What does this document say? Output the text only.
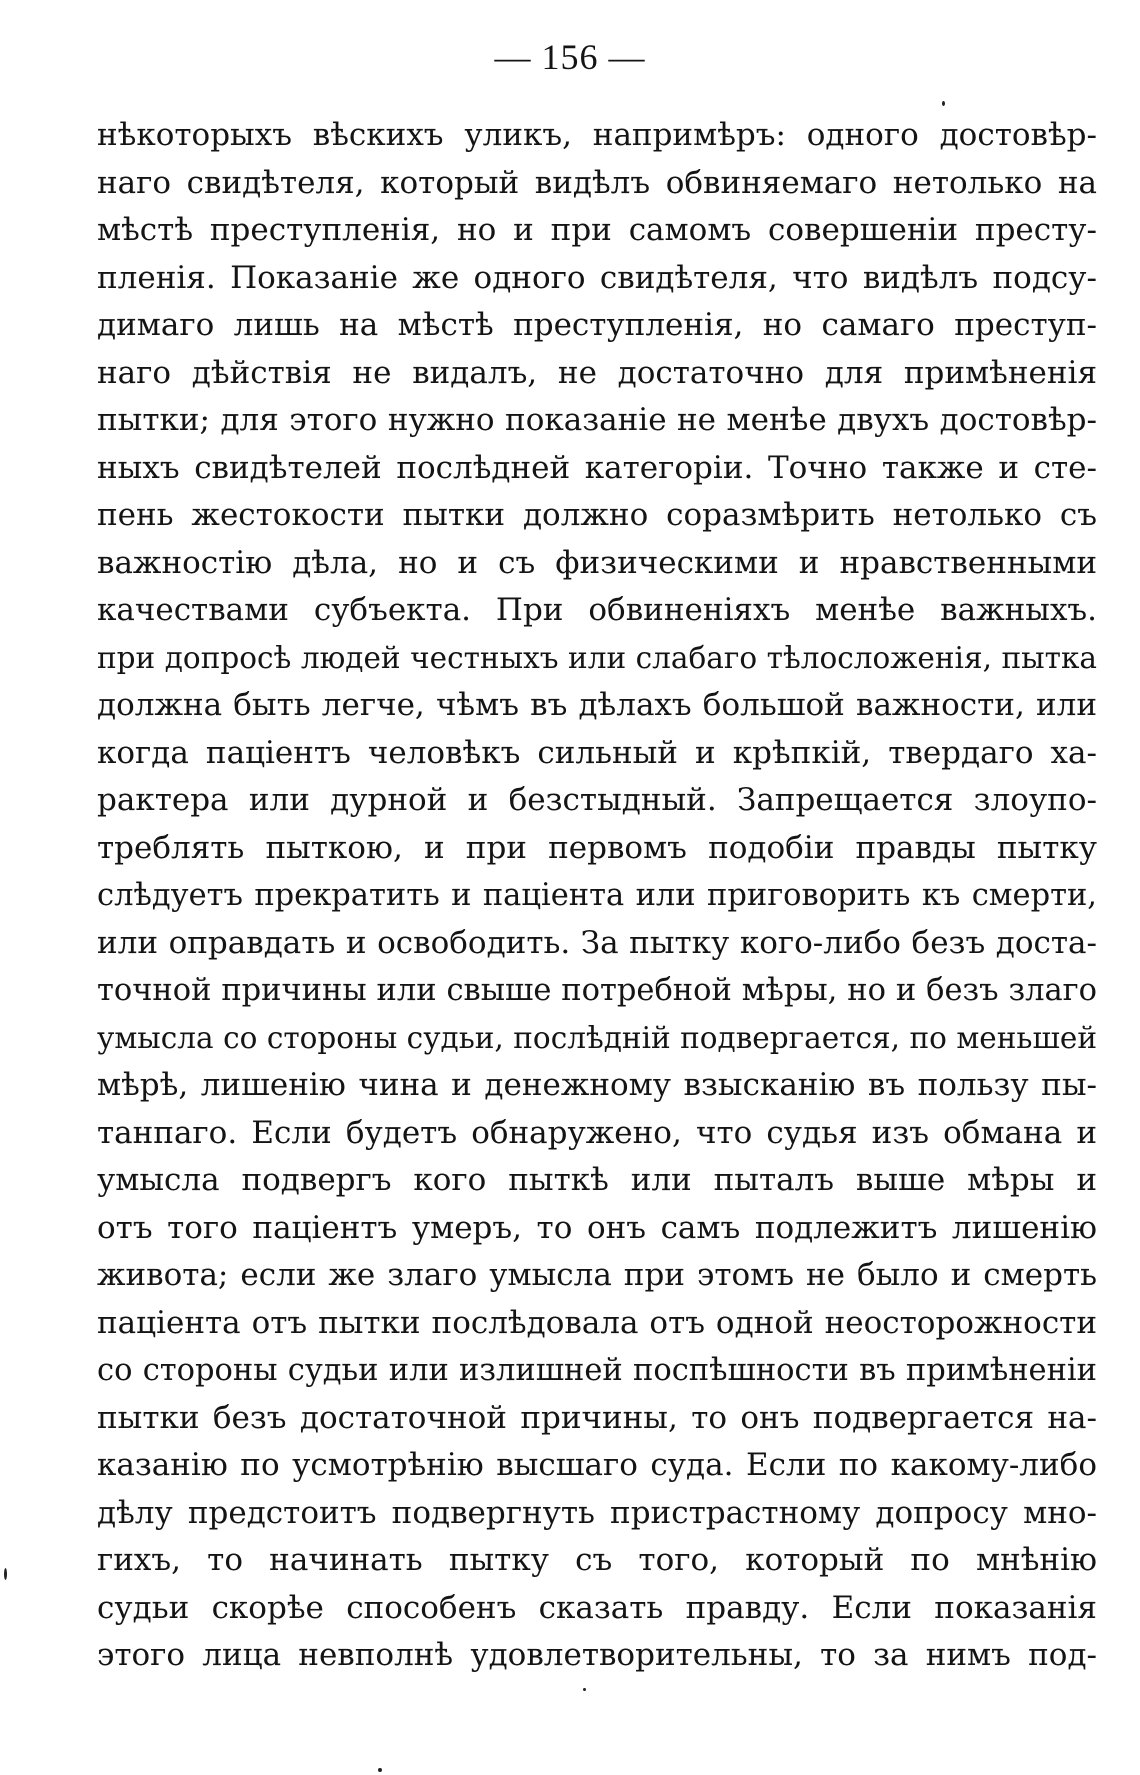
— 156 —
нѣкоторыхъ вѣскихъ уликъ, напримѣръ: одного достовѣр-
наго свидѣтеля, который видѣлъ обвиняемаго нетолько на
мѣстѣ преступленія, но и при самомъ совершеніи престу-
пленія. Показаніе же одного свидѣтеля, что видѣлъ подсу-
димаго лишь на мѣстѣ преступленія, но самаго преступ-
наго дѣйствія не видалъ, не достаточно для примѣненія
пытки; для этого нужно показаніе не менѣе двухъ достовѣр-
ныхъ свидѣтелей послѣдней категоріи. Точно также и сте-
пень жестокости пытки должно соразмѣрить нетолько съ
важностію дѣла, но и съ физическими и нравственными
качествами субъекта. При обвиненіяхъ менѣе важныхъ.
при допросѣ людей честныхъ или слабаго тѣлосложенія, пытка
должна быть легче, чѣмъ въ дѣлахъ большой важности, или
когда паціентъ человѣкъ сильный и крѣпкій, твердаго ха-
рактера или дурной и безстыдный. Запрещается злоупо-
треблять пыткою, и при первомъ подобіи правды пытку
слѣдуетъ прекратить и паціента или приговорить къ смерти,
или оправдать и освободить. За пытку кого-либо безъ доста-
точной причины или свыше потребной мѣры, но и безъ злаго
умысла со стороны судьи, послѣдній подвергается, по меньшей
мѣрѣ, лишенію чина и денежному взысканію въ пользу пы-
танпаго. Если будетъ обнаружено, что судья изъ обмана и
умысла подвергъ кого пыткѣ или пыталъ выше мѣры и
отъ того паціентъ умеръ, то онъ самъ подлежитъ лишенію
живота; если же злаго умысла при этомъ не было и смерть
паціента отъ пытки послѣдовала отъ одной неосторожности
со стороны судьи или излишней поспѣшности въ примѣненіи
пытки безъ достаточной причины, то онъ подвергается на-
казанію по усмотрѣнію высшаго суда. Если по какому-либо
дѣлу предстоитъ подвергнуть пристрастному допросу мно-
гихъ, то начинать пытку съ того, который по мнѣнію
судьи скорѣе способенъ сказать правду. Если показанія
этого лица невполнѣ удовлетворительны, то за нимъ под-
